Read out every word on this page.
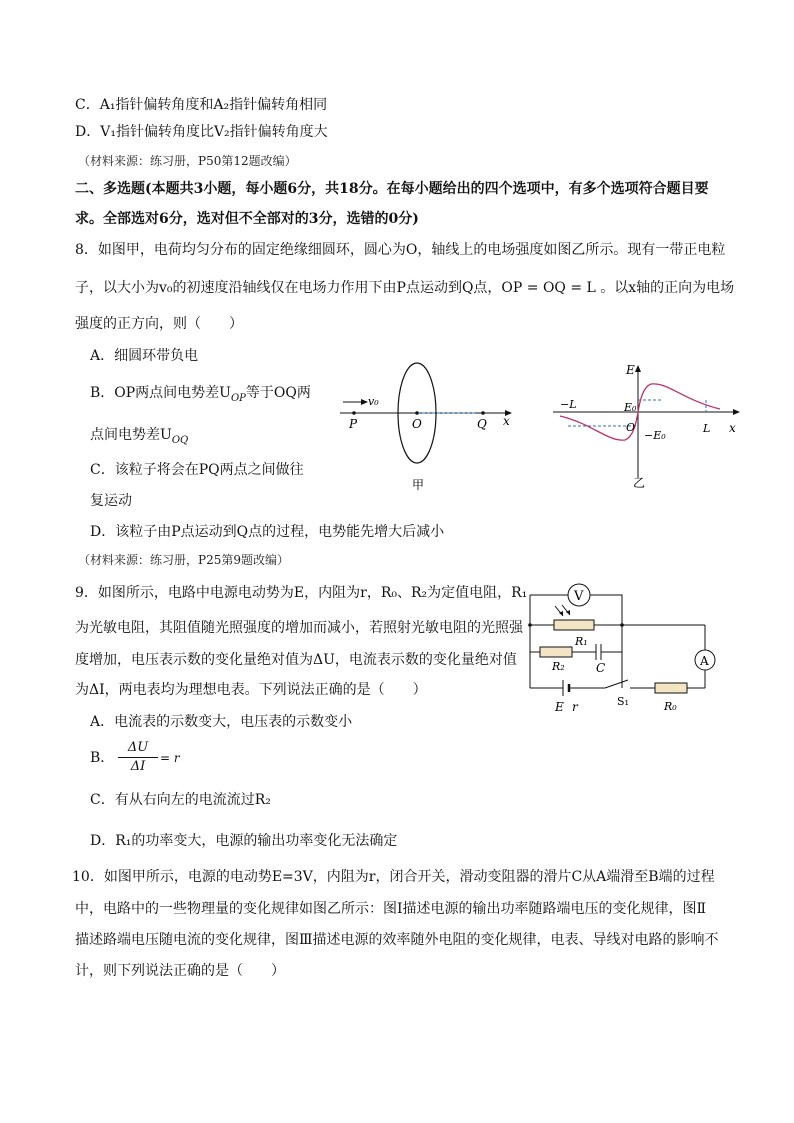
C．A₁指针偏转角度和A₂指针偏转角相同
D．V₁指针偏转角度比V₂指针偏转角度大
（材料来源：练习册，P50第12题改编）
二、多选题(本题共3小题，每小题6分，共18分。在每小题给出的四个选项中，有多个选项符合题目要
求。全部选对6分，选对但不全部对的3分，选错的0分)
8．如图甲，电荷均匀分布的固定绝缘细圆环，圆心为O，轴线上的电场强度如图乙所示。现有一带正电粒
子，以大小为v₀的初速度沿轴线仅在电场力作用下由P点运动到Q点，OP = OQ = L 。以x轴的正向为电场
强度的正方向，则（　　）
A．细圆环带负电
B．OP两点间电势差$U_{OP}$等于OQ两
点间电势差$U_{OQ}$
C．该粒子将会在PQ两点之间做往
复运动
D．该粒子由P点运动到Q点的过程，电势能先增大后减小
（材料来源：练习册，P25第9题改编）
v₀
P	O	Q x
甲
E
E₀
−E₀
−L
L
O	x
乙
9．如图所示，电路中电源电动势为E，内阻为r，R₀、R₂为定值电阻，R₁
为光敏电阻，其阻值随光照强度的增加而减小，若照射光敏电阻的光照强
度增加，电压表示数的变化量绝对值为ΔU，电流表示数的变化量绝对值
为ΔI，两电表均为理想电表。下列说法正确的是（　　）
A．电流表的示数变大，电压表的示数变小
B．
ΔU
ΔI
= r
C．有从右向左的电流流过R₂
D．R₁的功率变大，电源的输出功率变化无法确定
V
A
R₁
R₂	C
E r	S₁	R₀
10．如图甲所示，电源的电动势E=3V，内阻为r，闭合开关，滑动变阻器的滑片C从A端滑至B端的过程
中，电路中的一些物理量的变化规律如图乙所示：图Ⅰ描述电源的输出功率随路端电压的变化规律，图Ⅱ
描述路端电压随电流的变化规律，图Ⅲ描述电源的效率随外电阻的变化规律，电表、导线对电路的影响不
计，则下列说法正确的是（　　）
